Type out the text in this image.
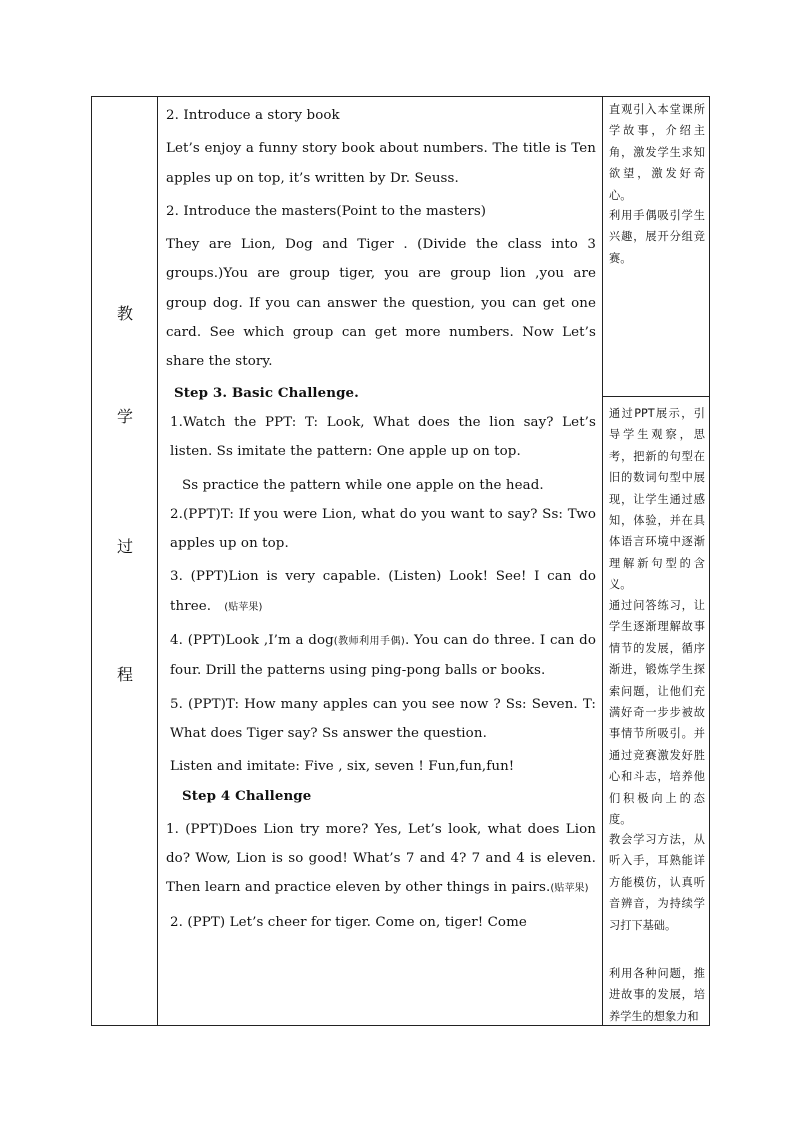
教
学
过
程

2. Introduce a story book

Let’s enjoy a funny story book about numbers. The title is Ten apples up on top, it’s written by Dr. Seuss.

2. Introduce the masters(Point to the masters)

They are Lion, Dog and Tiger . (Divide the class into 3 groups.)You are group tiger, you are group lion ,you are group dog. If you can answer the question, you can get one card. See which group can get more numbers. Now Let’s share the story.

Step 3. Basic Challenge.

1.Watch the PPT: T: Look, What does the lion say? Let’s listen. Ss imitate the pattern: One apple up on top.

Ss practice the pattern while one apple on the head.

2.(PPT)T: If you were Lion, what do you want to say? Ss: Two apples up on top.

3. (PPT)Lion is very capable. (Listen) Look! See! I can do three. (贴苹果)

4. (PPT)Look ,I’m a dog(教师利用手偶). You can do three. I can do four. Drill the patterns using ping-pong balls or books.

5. (PPT)T: How many apples can you see now ? Ss: Seven. T: What does Tiger say? Ss answer the question.

Listen and imitate: Five , six, seven ! Fun,fun,fun!

Step 4 Challenge

1. (PPT)Does Lion try more? Yes, Let’s look, what does Lion do? Wow, Lion is so good! What’s 7 and 4? 7 and 4 is eleven. Then learn and practice eleven by other things in pairs.(贴苹果)

2. (PPT) Let’s cheer for tiger. Come on, tiger! Come

直观引入本堂课所学故事，介绍主角，激发学生求知欲望，激发好奇心。
利用手偶吸引学生兴趣，展开分组竞赛。
通过PPT展示，引导学生观察，思考，把新的句型在旧的数词句型中展现，让学生通过感知，体验，并在具体语言环境中逐渐理解新句型的含义。
通过问答练习，让学生逐渐理解故事情节的发展，循序渐进，锻炼学生探索问题，让他们充满好奇一步步被故事情节所吸引。并通过竞赛激发好胜心和斗志，培养他们积极向上的态度。
教会学习方法，从听入手，耳熟能详方能模仿，认真听音辨音，为持续学习打下基础。
利用各种问题，推进故事的发展，培养学生的想象力和
